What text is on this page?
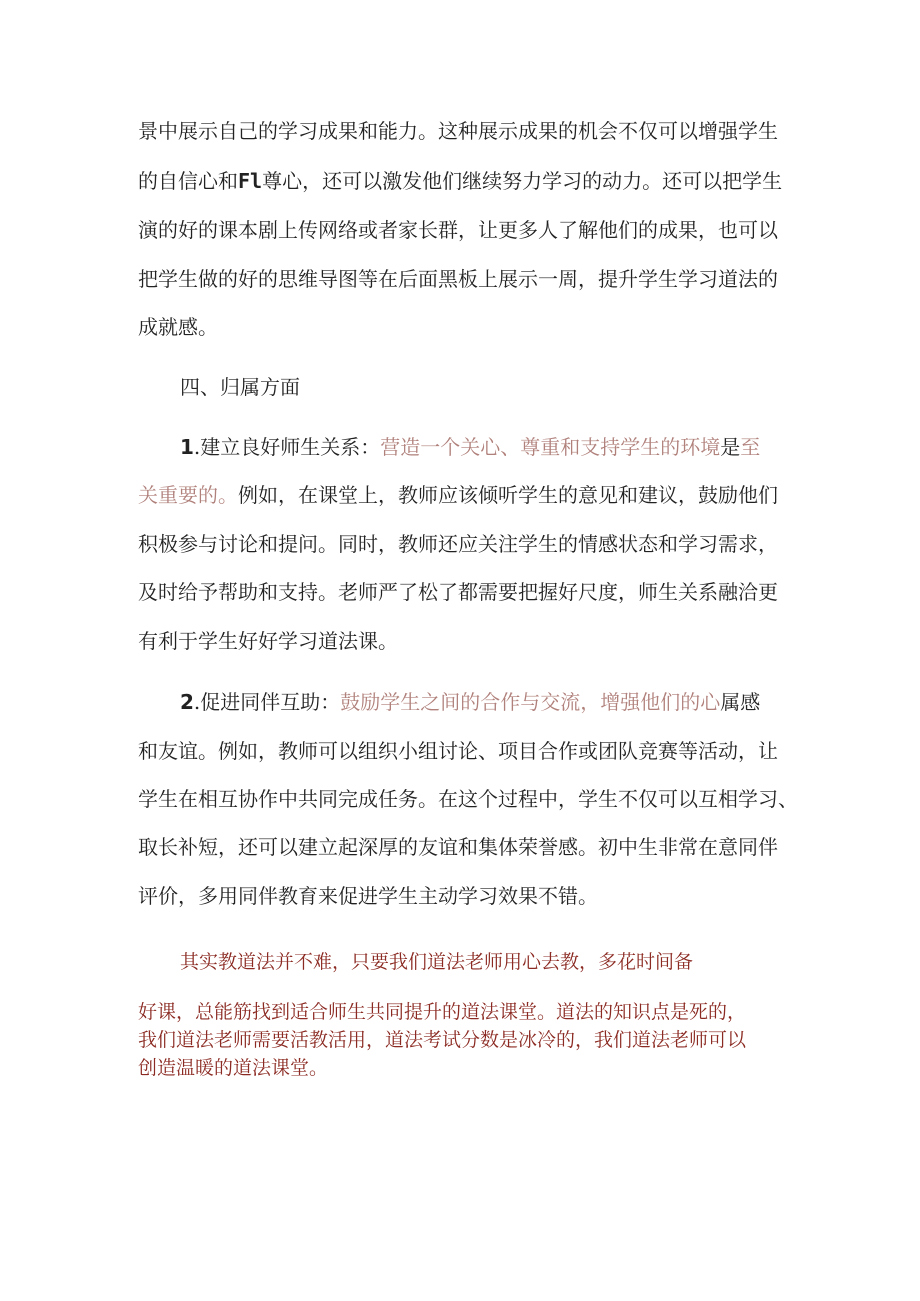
景中展示自己的学习成果和能力。这种展示成果的机会不仅可以增强学生
的自信心和Fl尊心，还可以激发他们继续努力学习的动力。还可以把学生
演的好的课本剧上传网络或者家长群，让更多人了解他们的成果，也可以
把学生做的好的思维导图等在后面黑板上展示一周，提升学生学习道法的
成就感。
四、归属方面
1.建立良好师生关系：营造一个关心、尊重和支持学生的环境是至
关重要的。例如，在课堂上，教师应该倾听学生的意见和建议，鼓励他们
积极参与讨论和提问。同时，教师还应关注学生的情感状态和学习需求，
及时给予帮助和支持。老师严了松了都需要把握好尺度，师生关系融洽更
有利于学生好好学习道法课。
2.促进同伴互助：鼓励学生之间的合作与交流，增强他们的心属感
和友谊。例如，教师可以组织小组讨论、项目合作或团队竞赛等活动，让
学生在相互协作中共同完成任务。在这个过程中，学生不仅可以互相学习、
取长补短，还可以建立起深厚的友谊和集体荣誉感。初中生非常在意同伴
评价，多用同伴教育来促进学生主动学习效果不错。
其实教道法并不难，只要我们道法老师用心去教，多花时间备
好课，总能筋找到适合师生共同提升的道法课堂。道法的知识点是死的，
我们道法老师需要活教活用，道法考试分数是冰冷的，我们道法老师可以
创造温暖的道法课堂。
